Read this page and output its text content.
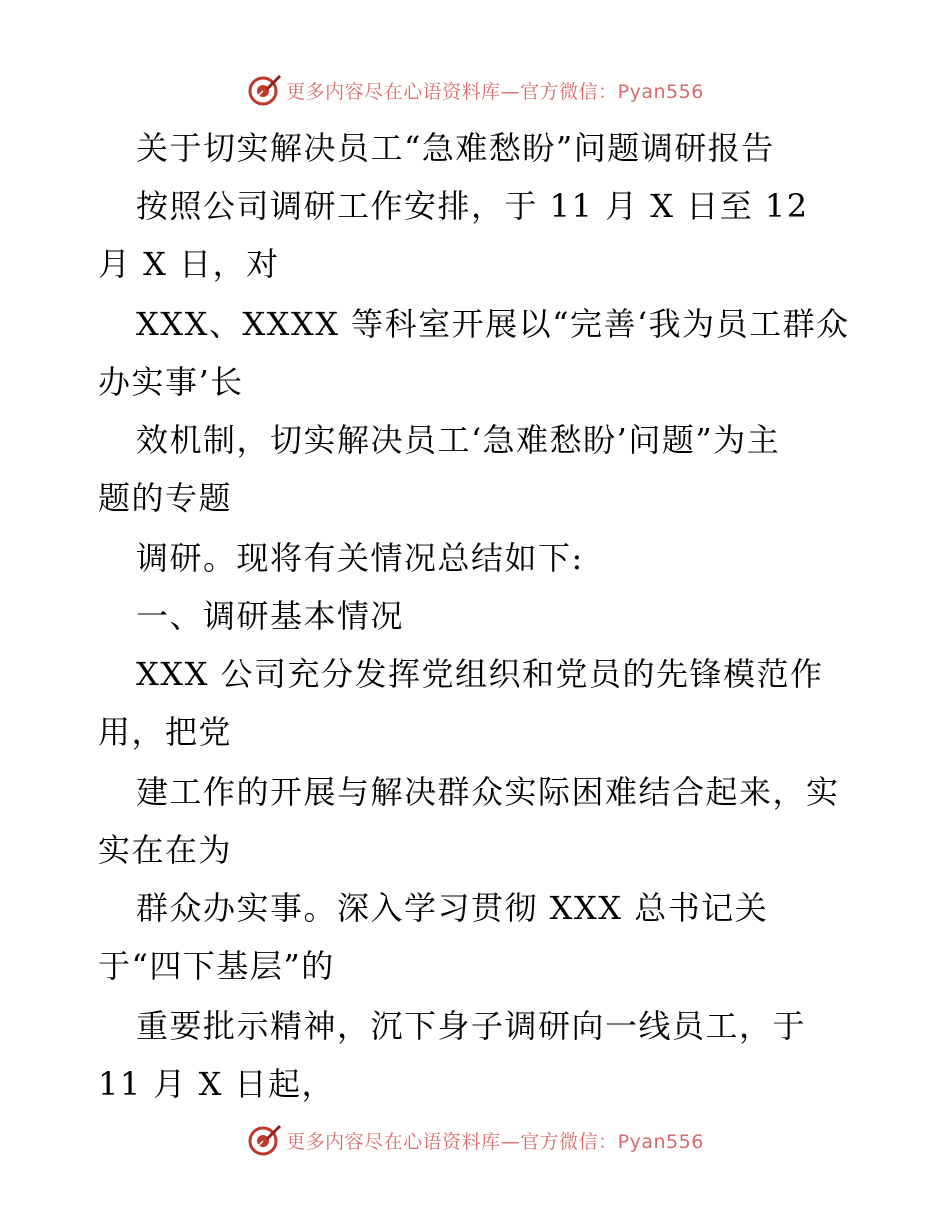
更多内容尽在心语资料库—官方微信：Pyan556
关于切实解决员工“急难愁盼”问题调研报告
按照公司调研工作安排，于 11 月 X 日至 12
月 X 日，对
XXX、XXXX 等科室开展以“完善‘我为员工群众
办实事’长
效机制，切实解决员工‘急难愁盼’问题”为主
题的专题
调研。现将有关情况总结如下:
一、调研基本情况
XXX 公司充分发挥党组织和党员的先锋模范作
用，把党
建工作的开展与解决群众实际困难结合起来，实
实在在为
群众办实事。深入学习贯彻 XXX 总书记关
于“四下基层”的
重要批示精神，沉下身子调研向一线员工，于
11 月 X 日起，
更多内容尽在心语资料库—官方微信：Pyan556
